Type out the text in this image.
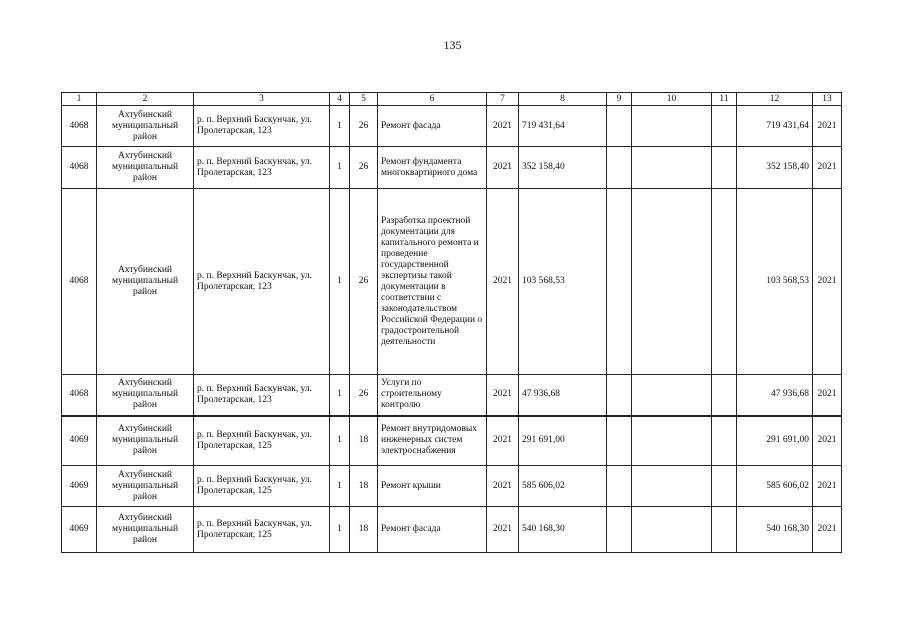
135
1	2	3	4	5	6	7	8	9	10	11	12	13
4068	Ахтубинский муниципальный район	р. п. Верхний Баскунчак, ул. Пролетарская, 123	1	26	Ремонт фасада	2021	719 431,64				719 431,64	2021
4068	Ахтубинский муниципальный район	р. п. Верхний Баскунчак, ул. Пролетарская, 123	1	26	Ремонт фундамента многоквартирного дома	2021	352 158,40				352 158,40	2021
4068	Ахтубинский муниципальный район	р. п. Верхний Баскунчак, ул. Пролетарская, 123	1	26	Разработка проектной документации для капитального ремонта и проведение государственной экспертизы такой документации в соответствии с законодательством Российской Федерации о градостроительной деятельности	2021	103 568,53				103 568,53	2021
4068	Ахтубинский муниципальный район	р. п. Верхний Баскунчак, ул. Пролетарская, 123	1	26	Услуги по строительному контролю	2021	47 936,68				47 936,68	2021
4069	Ахтубинский муниципальный район	р. п. Верхний Баскунчак, ул. Пролетарская, 125	1	18	Ремонт внутридомовых инженерных систем электроснабжения	2021	291 691,00				291 691,00	2021
4069	Ахтубинский муниципальный район	р. п. Верхний Баскунчак, ул. Пролетарская, 125	1	18	Ремонт крыши	2021	585 606,02				585 606,02	2021
4069	Ахтубинский муниципальный район	р. п. Верхний Баскунчак, ул. Пролетарская, 125	1	18	Ремонт фасада	2021	540 168,30				540 168,30	2021
